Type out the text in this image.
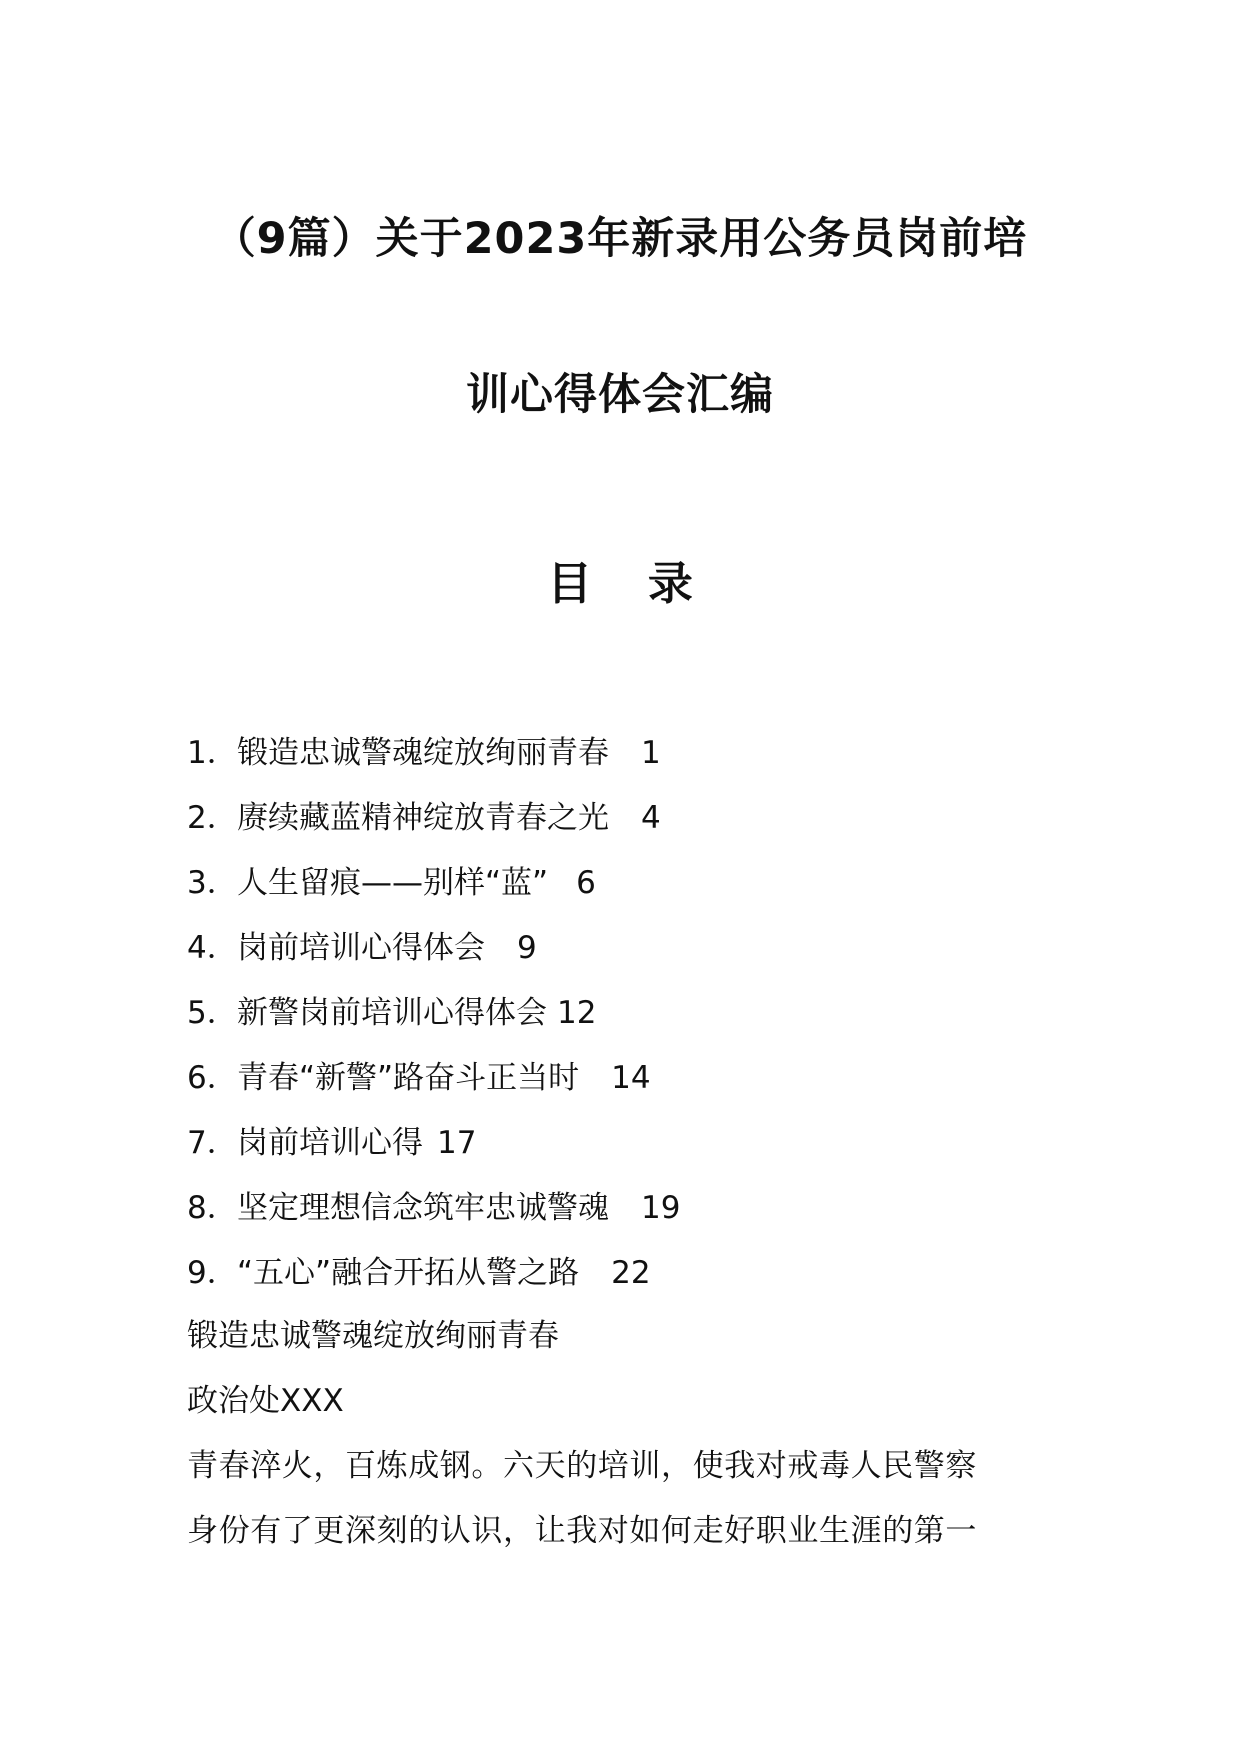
（9篇）关于2023年新录用公务员岗前培
训心得体会汇编
目 录
1． 锻造忠诚警魂绽放绚丽青春 1
2． 赓续藏蓝精神绽放青春之光 4
3． 人生留痕——别样“蓝” 6
4． 岗前培训心得体会 9
5． 新警岗前培训心得体会 12
6． 青春“新警”路奋斗正当时 14
7． 岗前培训心得 17
8． 坚定理想信念筑牢忠诚警魂 19
9． “五心”融合开拓从警之路 22
锻造忠诚警魂绽放绚丽青春
政治处XXX
青春淬火，百炼成钢。六天的培训，使我对戒毒人民警察
身份有了更深刻的认识，让我对如何走好职业生涯的第一
